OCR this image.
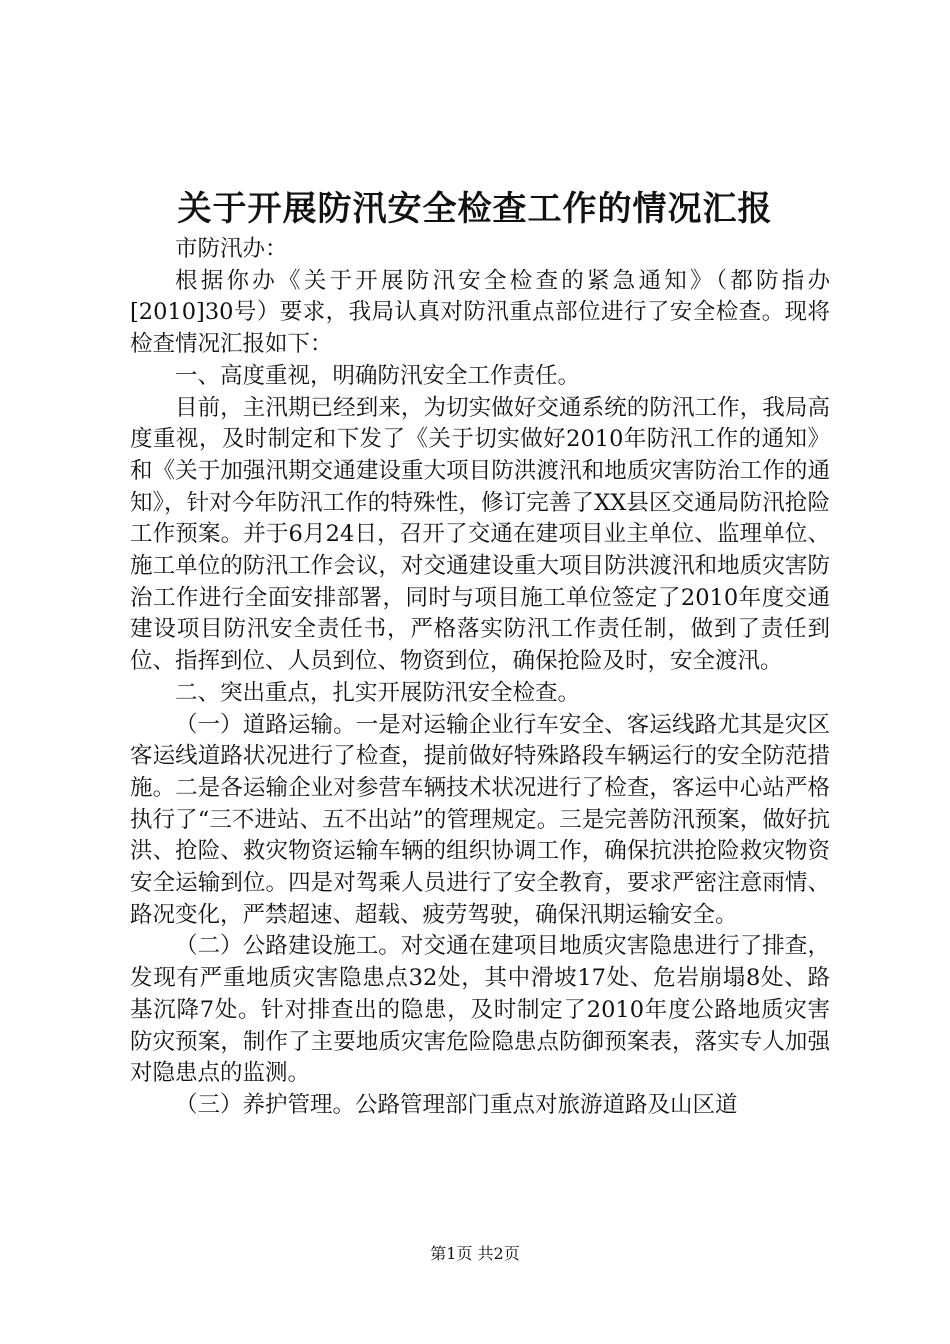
关于开展防汛安全检查工作的情况汇报

市防汛办：

根据你办《关于开展防汛安全检查的紧急通知》（都防指办[2010]30号）要求，我局认真对防汛重点部位进行了安全检查。现将检查情况汇报如下：

一、高度重视，明确防汛安全工作责任。

目前，主汛期已经到来，为切实做好交通系统的防汛工作，我局高度重视，及时制定和下发了《关于切实做好2010年防汛工作的通知》和《关于加强汛期交通建设重大项目防洪渡汛和地质灾害防治工作的通知》，针对今年防汛工作的特殊性，修订完善了XX县区交通局防汛抢险工作预案。并于6月24日，召开了交通在建项目业主单位、监理单位、施工单位的防汛工作会议，对交通建设重大项目防洪渡汛和地质灾害防治工作进行全面安排部署，同时与项目施工单位签定了2010年度交通建设项目防汛安全责任书，严格落实防汛工作责任制，做到了责任到位、指挥到位、人员到位、物资到位，确保抢险及时，安全渡汛。

二、突出重点，扎实开展防汛安全检查。

（一）道路运输。一是对运输企业行车安全、客运线路尤其是灾区客运线道路状况进行了检查，提前做好特殊路段车辆运行的安全防范措施。二是各运输企业对参营车辆技术状况进行了检查，客运中心站严格执行了“三不进站、五不出站”的管理规定。三是完善防汛预案，做好抗洪、抢险、救灾物资运输车辆的组织协调工作，确保抗洪抢险救灾物资安全运输到位。四是对驾乘人员进行了安全教育，要求严密注意雨情、路况变化，严禁超速、超载、疲劳驾驶，确保汛期运输安全。

（二）公路建设施工。对交通在建项目地质灾害隐患进行了排查，发现有严重地质灾害隐患点32处，其中滑坡17处、危岩崩塌8处、路基沉降7处。针对排查出的隐患，及时制定了2010年度公路地质灾害防灾预案，制作了主要地质灾害危险隐患点防御预案表，落实专人加强对隐患点的监测。

（三）养护管理。公路管理部门重点对旅游道路及山区道

第1页 共2页
